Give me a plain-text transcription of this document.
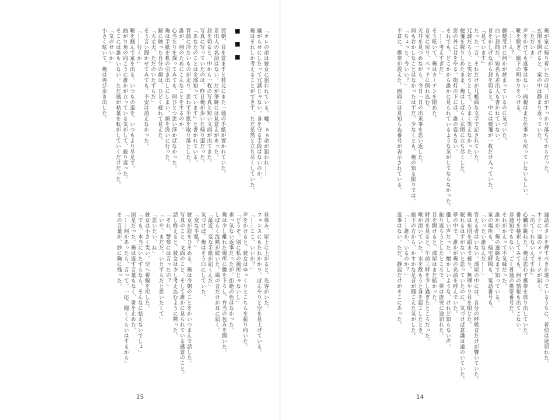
俺が家に帰り着いたのは、日がすっかり落ちてからだった。
玄関を開けると、家の中は静まり返っていた。
「ただいま」
声をかけても返事はない。両親はまだ仕事から戻っていないらしい。
靴を脱ぎ、廊下の明かりをつける。
「……ん？」
郵便受けに何かが挟まっているのに気づいた。
白い封筒だ。宛名も差出人も書かれていない。
首をかしげながら封を切ると、中には便箋が一枚だけ入っていた。
『見ています』
たった一言、それだけが几帳面な文字で記されていた。
冗談だろう、と笑おうとして、うまく笑えなかった。
便箋を握りしめたまま、俺はしばらく玄関に立ち尽くした。
窓の外に目をやる。街灯の下には、誰の姿もない。
それでも、どこかから誰かに見られているような気がしてならなかった。
「……考えすぎだ」
そう呟いて、俺はカーテンを閉めた。
自室に戻り、ベッドに倒れ込む。
天井を見つめながら、今日一日の出来事を思い返した。
何もおかしなことはなかったはずだ。少なくとも、俺の知る限りでは。
「ちょっと、今いい？」
不意に、携帯が震えた。画面には見知らぬ番号が表示されている。
通話ボタンを押すべきか迷っているうちに、着信は途切れた。
すぐに一通のメッセージが届く。
『出てくれないんですね』
心臓が跳ねた。俺は思わず携帯を放り出していた。
番号を検索してみても、何の情報も出てこない。
非通知でもない、ごく普通の携帯番号だ。
それがかえって不気味だった。
誰かが、俺の連絡先まで知っている。
家の場所も、帰宅時間も、電話番号も。
「いったい誰なんだ……」
答える者はいない。部屋の中には、自分の呼吸音だけが響いていた。
俺は布団を頭まで被り、無理やり目を閉じた。
眠れるはずがないと思っていたのに、気づけば意識は遠のいていた。
夢の中で、誰かが俺の名前を呼んでいた。
優しい声だった。懐かしいような、けれど知らない声。
振り返ろうとしたところで、夢は唐突に途切れた。
目を開けると、部屋はまだ暗かった。
時計を見ると、午前三時を少し過ぎたところだった。
喉が渇いていた。水を飲もうと身を起こしたとき、
廊下の方から、かすかな足音が聞こえた気がした。
「……誰か、いるのか？」
返事はない。ただ、静寂だけがそこにあった。
14
「オレの命は彼女に狙われている。嘘、ぁぁ命が狙われ……
嫌がらせにしたって冗談じゃない。身を守る手段はないのか。
俺はそれしか考えることができず、ただ呆然と立ち尽くしていた。

■　■　■

翌朝、目を覚ますと枕元にまた一通の手紙が置かれていた。
差出人の名前はない。だが筆跡には見覚えがあった。
封を切ると、中から一枚の写真と短い文面が出てきた。
写真に写っていたのは、昨日俺が歩いた帰り道だった。
『あなたのことは全部知っています』と書かれている。
背筋に冷たいものが走り、思わず手紙を取り落とした。
誰が、何のためにこんなことをするのか。
心当たりを探ってみても、何ひとつ思い浮かばなかった。
俺は手紙を机の引き出しにしまい、顔を洗いに行った。
鏡に映った自分の顔は、ひどく疲れて見えた。
「大丈夫、ただのいたずらだ」
そう言い聞かせてみても、不安は消えなかった。
「……行くか」
鞄を掴んで家を出る。いつもの道を、いつもより早足で。
曲がり角の向こうに誰かが立っている気がして、振り返った。
そこには誰もいない。ただ風が枯葉を転がしていくだけだった。
「気のせいか」
小さく呟いて、俺は再び歩き出した。
昼休み、屋上に上がると、先客がいた。
フェンスにもたれかかり、ぼんやりと空を見上げている。
「……ここ、いいか？」
声をかけると、彼女はゆっくりとこちらを振り向いた。
「どうぞ。別に私の場所じゃないし」
素っ気ない返事だったが、拒絶の色はなかった。
俺は少し離れた場所に腰を下ろし、弁当の包みを開いた。
しばらく沈黙が続いた。風の音だけが耳に届く。
「最近、変な手紙が届くんだ」
気づけば、俺はそう口にしていた。
「変な手紙？」
彼女が眉をひそめる。俺は今朝のことをかいつまんで話した。
写真のこと、文面のこと、そして誰かに見られている感覚のこと。
話し終えると、彼女は少し考え込むように黙った。
「それ、警察には言ったの？」
「いや、まだだ。いたずらだと思いたくて」
「思いたい、ね」
彼女は小さく笑い、空へ視線を戻した。
「でも、本当にいたずらなら、そんなに怯えないでしょ」
図星だった。俺は返す言葉もなく、箸を止めた。
「……何かあったら、言って。一応、聞くくらいはするから」
その言葉が、妙に胸に残った。
15
